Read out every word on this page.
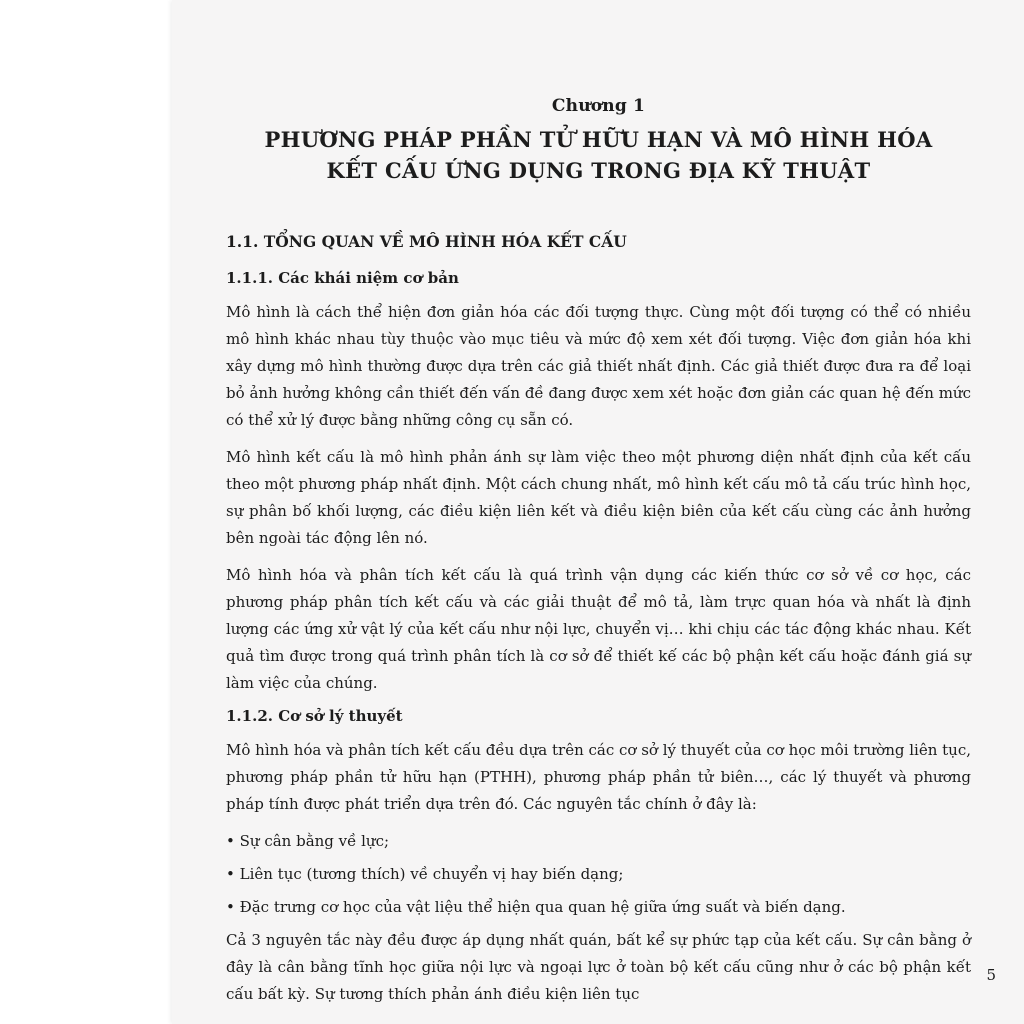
Chương 1
PHƯƠNG PHÁP PHẦN TỬ HỮU HẠN VÀ MÔ HÌNH HÓA
KẾT CẤU ỨNG DỤNG TRONG ĐỊA KỸ THUẬT
1.1. TỔNG QUAN VỀ MÔ HÌNH HÓA KẾT CẤU
1.1.1. Các khái niệm cơ bản

Mô hình là cách thể hiện đơn giản hóa các đối tượng thực. Cùng một đối tượng có thể có nhiều mô hình khác nhau tùy thuộc vào mục tiêu và mức độ xem xét đối tượng. Việc đơn giản hóa khi xây dựng mô hình thường được dựa trên các giả thiết nhất định. Các giả thiết được đưa ra để loại bỏ ảnh hưởng không cần thiết đến vấn đề đang được xem xét hoặc đơn giản các quan hệ đến mức có thể xử lý được bằng những công cụ sẵn có.

Mô hình kết cấu là mô hình phản ánh sự làm việc theo một phương diện nhất định của kết cấu theo một phương pháp nhất định. Một cách chung nhất, mô hình kết cấu mô tả cấu trúc hình học, sự phân bố khối lượng, các điều kiện liên kết và điều kiện biên của kết cấu cùng các ảnh hưởng bên ngoài tác động lên nó.

Mô hình hóa và phân tích kết cấu là quá trình vận dụng các kiến thức cơ sở về cơ học, các phương pháp phân tích kết cấu và các giải thuật để mô tả, làm trực quan hóa và nhất là định lượng các ứng xử vật lý của kết cấu như nội lực, chuyển vị… khi chịu các tác động khác nhau. Kết quả tìm được trong quá trình phân tích là cơ sở để thiết kế các bộ phận kết cấu hoặc đánh giá sự làm việc của chúng.

1.1.2. Cơ sở lý thuyết

Mô hình hóa và phân tích kết cấu đều dựa trên các cơ sở lý thuyết của cơ học môi trường liên tục, phương pháp phần tử hữu hạn (PTHH), phương pháp phần tử biên…, các lý thuyết và phương pháp tính được phát triển dựa trên đó. Các nguyên tắc chính ở đây là:

• Sự cân bằng về lực;
• Liên tục (tương thích) về chuyển vị hay biến dạng;
• Đặc trưng cơ học của vật liệu thể hiện qua quan hệ giữa ứng suất và biến dạng.

Cả 3 nguyên tắc này đều được áp dụng nhất quán, bất kể sự phức tạp của kết cấu. Sự cân bằng ở đây là cân bằng tĩnh học giữa nội lực và ngoại lực ở toàn bộ kết cấu cũng như ở các bộ phận kết cấu bất kỳ. Sự tương thích phản ánh điều kiện liên tục

5
